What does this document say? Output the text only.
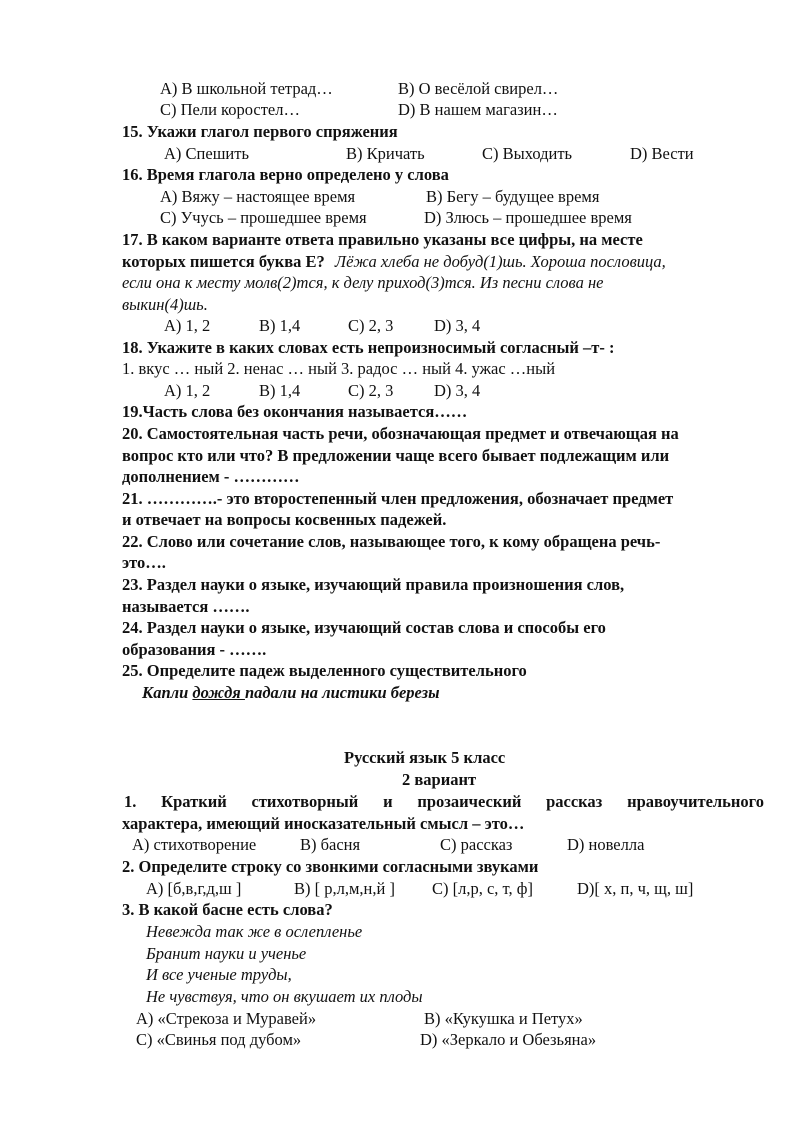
A) В школьной тетрад…	B) О весёлой свирел…
C) Пели коростел…	D) В нашем магазин…
15. Укажи глагол первого спряжения
A) Спешить	B) Кричать	C) Выходить	D) Вести
16. Время глагола верно определено у слова
A) Вяжу – настоящее время	B) Бегу – будущее время
C) Учусь – прошедшее время	D) Злюсь – прошедшее время
17. В каком варианте ответа правильно указаны все цифры, на месте
которых пишется буква Е? Лёжа хлеба не добуд(1)шь. Хороша пословица,
если она к месту молв(2)тся, к делу приход(3)тся. Из песни слова не
выкин(4)шь.
A) 1, 2	B) 1,4	C) 2, 3 D) 3, 4
18. Укажите в каких словах есть непроизносимый согласный –т- :
1. вкус … ный 2. ненас … ный 3. радос … ный 4. ужас …ный
A) 1, 2	B) 1,4	C) 2, 3 D) 3, 4
19.Часть слова без окончания называется……
20. Самостоятельная часть речи, обозначающая предмет и отвечающая на
вопрос кто или что? В предложении чаще всего бывает подлежащим или
дополнением - …………
21. ………….- это второстепенный член предложения, обозначает предмет
и отвечает на вопросы косвенных падежей.
22. Слово или сочетание слов, называющее того, к кому обращена речь-
это….
23. Раздел науки о языке, изучающий правила произношения слов,
называется …….
24. Раздел науки о языке, изучающий состав слова и способы его
образования - …….
25. Определите падеж выделенного существительного
Капли дождя падали на листики березы
Русский язык 5 класс
2 вариант
1. Краткий стихотворный и прозаический рассказ нравоучительного
характера, имеющий иносказательный смысл – это…
A) стихотворение	B) басня	C) рассказ	D) новелла
2. Определите строку со звонкими согласными звуками
A) [б,в,г,д,ш ]	B) [ р,л,м,н,й ] C) [л,р, с, т, ф]	D)[ х, п, ч, щ, ш]
3. В какой басне есть слова?
Невежда так же в ослепленье
Бранит науки и ученье
И все ученые труды,
Не чувствуя, что он вкушает их плоды
A) «Стрекоза и Муравей»	B) «Кукушка и Петух»
C) «Свинья под дубом»	D) «Зеркало и Обезьяна»
